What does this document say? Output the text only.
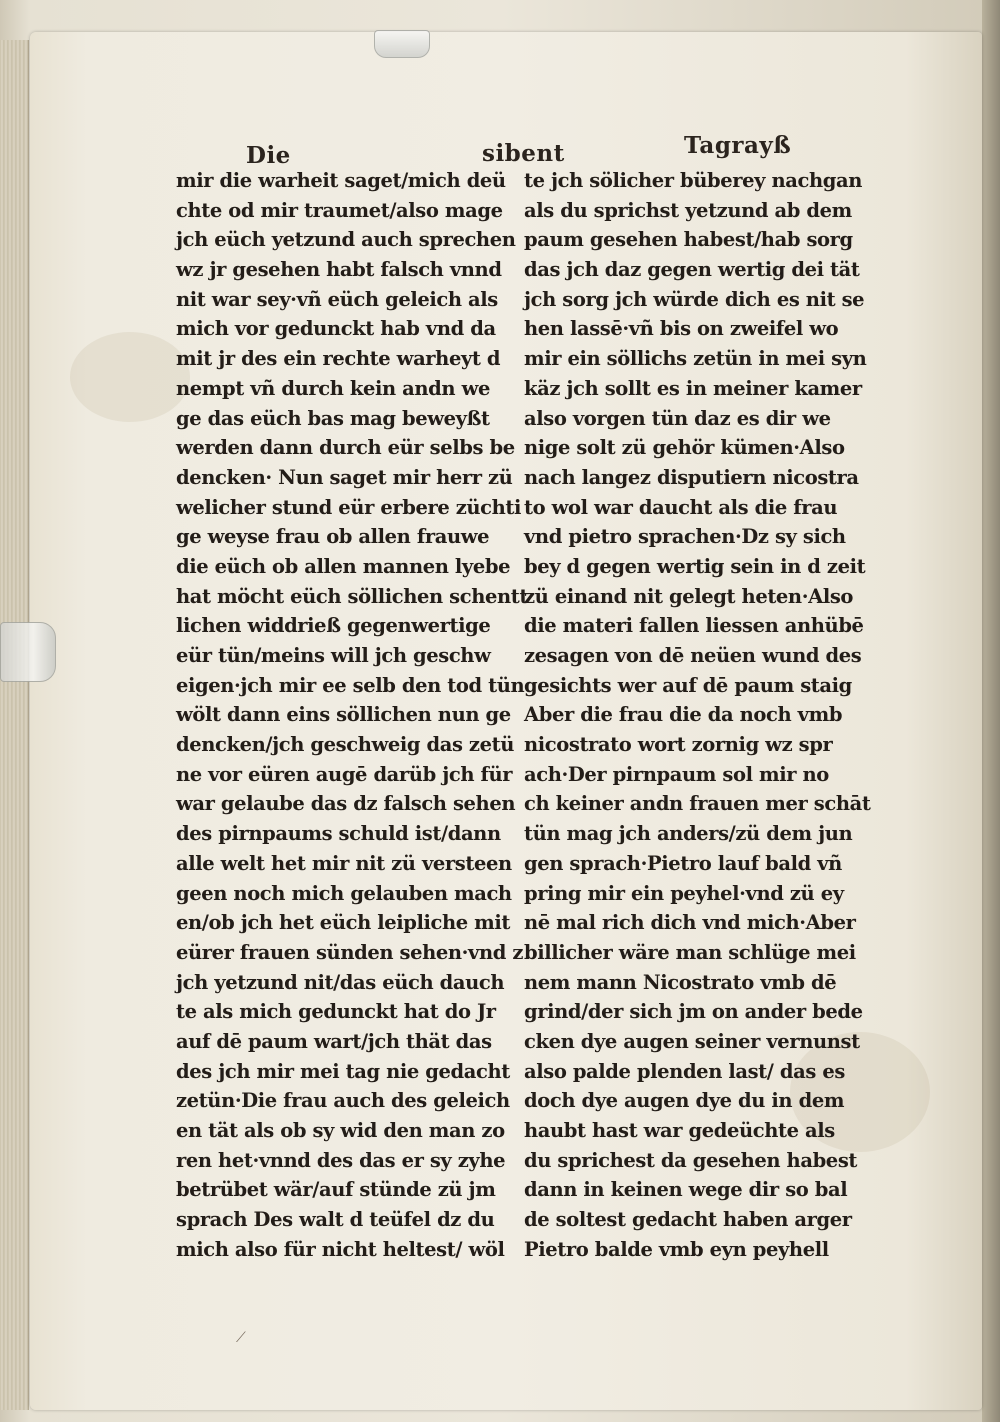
Die	sibent	Tagrayß
mir die warheit saget/mich deü
chte od mir traumet/also mage
jch eüch yetzund auch sprechen
wz jr gesehen habt falsch vnnd
nit war sey·vñ eüch geleich als
mich vor gedunckt hab vnd da
mit jr des ein rechte warheyt d
nempt vñ durch kein andn we
ge das eüch bas mag beweyßt
werden dann durch eür selbs be
dencken· Nun saget mir herr zü
welicher stund eür erbere züchti
ge weyse frau ob allen frauwe
die eüch ob allen mannen lyebe
hat möcht eüch söllichen schentt
lichen widdrieß gegenwertige
eür tün/meins will jch geschw
eigen·jch mir ee selb den tod tün
wölt dann eins söllichen nun ge
dencken/jch geschweig das zetü
ne vor eüren augē darüb jch für
war gelaube das dz falsch sehen
des pirnpaums schuld ist/dann
alle welt het mir nit zü versteen
geen noch mich gelauben mach
en/ob jch het eüch leipliche mit
eürer frauen sünden sehen·vnd z
jch yetzund nit/das eüch dauch
te als mich gedunckt hat do Jr
auf dē paum wart/jch thät das
des jch mir mei tag nie gedacht
zetün·Die frau auch des geleich
en tät als ob sy wid den man zo
ren het·vnnd des das er sy zyhe
betrübet wär/auf stünde zü jm
sprach Des walt d teüfel dz du
mich also für nicht heltest/ wöl
te jch sölicher büberey nachgan
als du sprichst yetzund ab dem
paum gesehen habest/hab sorg
das jch daz gegen wertig dei tät
jch sorg jch würde dich es nit se
hen lassē·vñ bis on zweifel wo
mir ein söllichs zetün in mei syn
käz jch sollt es in meiner kamer
also vorgen tün daz es dir we
nige solt zü gehör kümen·Also
nach langez disputiern nicostra
to wol war daucht als die frau
vnd pietro sprachen·Dz sy sich
bey d gegen wertig sein in d zeit
zü einand nit gelegt heten·Also
die materi fallen liessen anhübē
zesagen von dē neüen wund des
gesichts wer auf dē paum staig
Aber die frau die da noch vmb
nicostrato wort zornig wz spr
ach·Der pirnpaum sol mir no
ch keiner andn frauen mer schāt
tün mag jch anders/zü dem jun
gen sprach·Pietro lauf bald vñ
pring mir ein peyhel·vnd zü ey
nē mal rich dich vnd mich·Aber
billicher wäre man schlüge mei
nem mann Nicostrato vmb dē
grind/der sich jm on ander bede
cken dye augen seiner vernunst
also palde plenden last/ das es
doch dye augen dye du in dem
haubt hast war gedeüchte als
du sprichest da gesehen habest
dann in keinen wege dir so bal
de soltest gedacht haben arger
Pietro balde vmb eyn peyhell
⟋
